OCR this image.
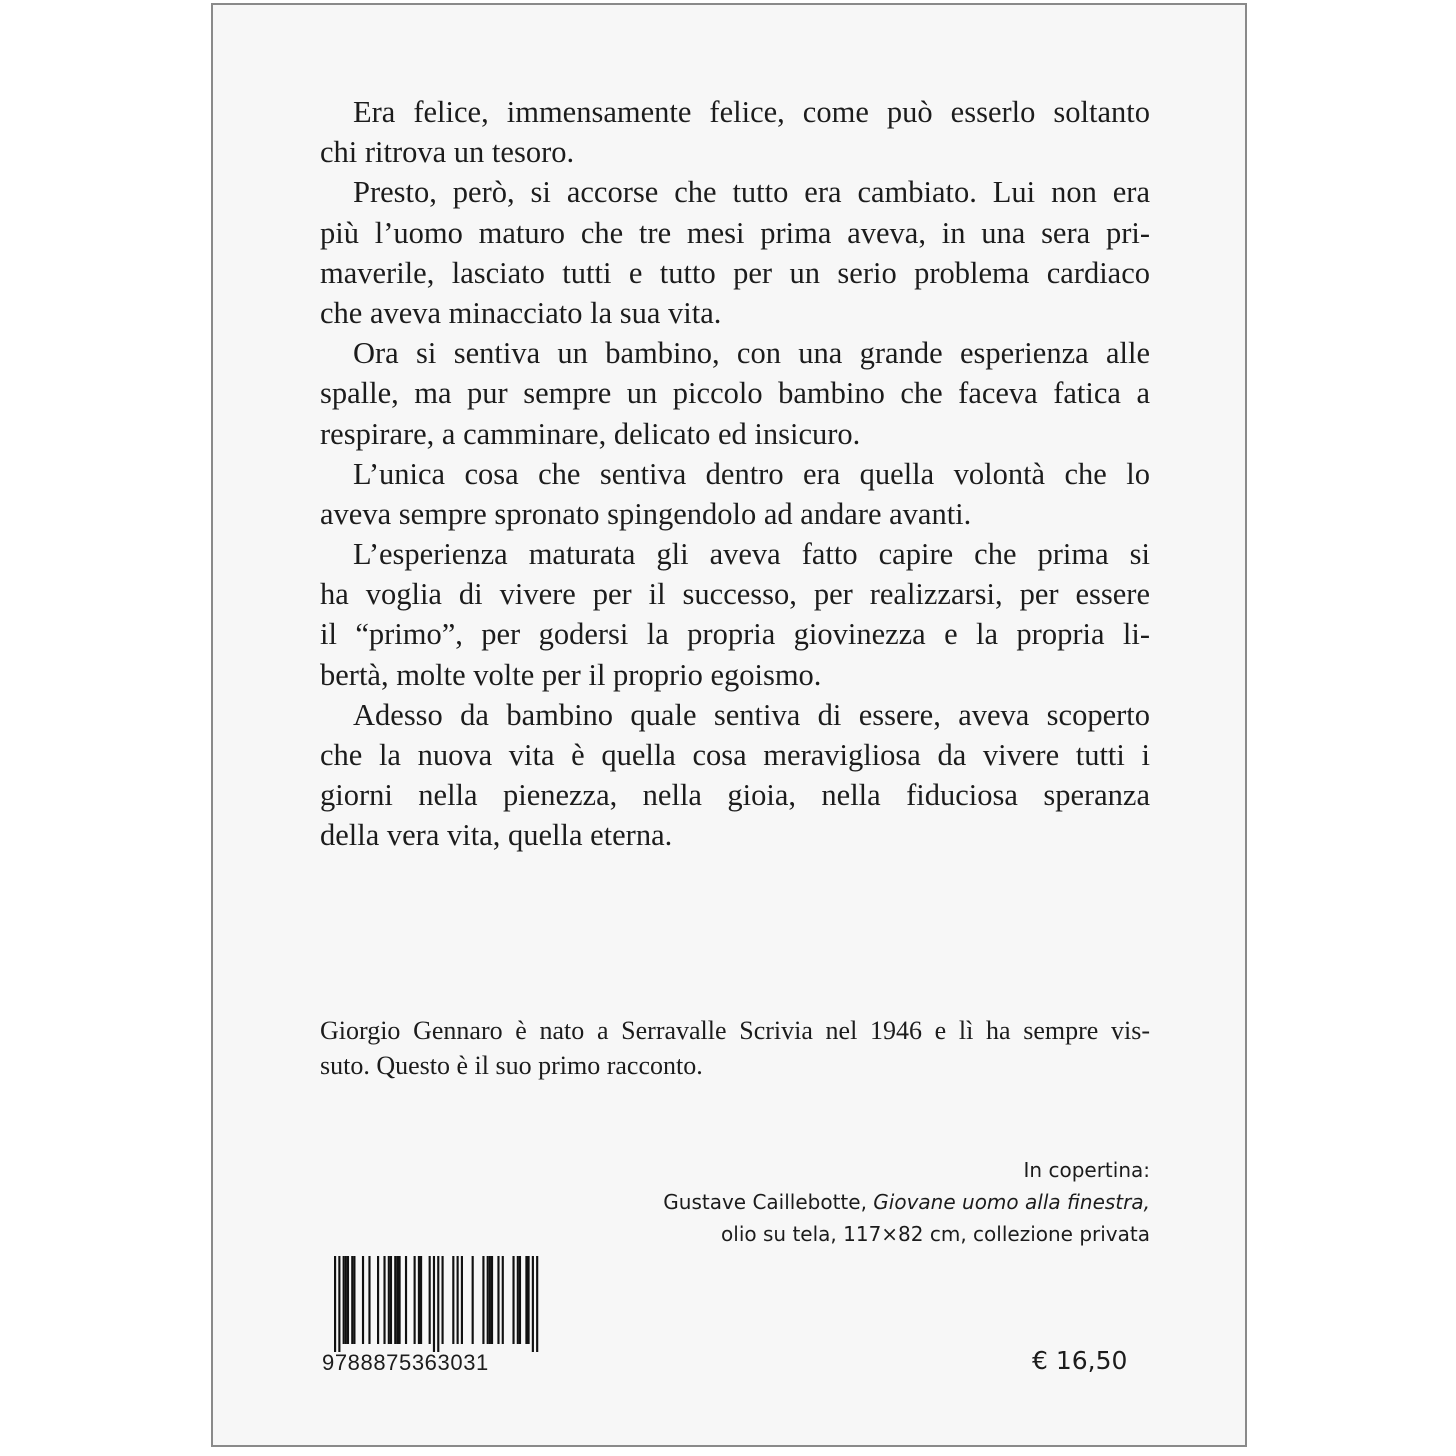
Era felice, immensamente felice, come può esserlo soltanto
chi ritrova un tesoro.
Presto, però, si accorse che tutto era cambiato. Lui non era
più l’uomo maturo che tre mesi prima aveva, in una sera pri-
maverile, lasciato tutti e tutto per un serio problema cardiaco
che aveva minacciato la sua vita.
Ora si sentiva un bambino, con una grande esperienza alle
spalle, ma pur sempre un piccolo bambino che faceva fatica a
respirare, a camminare, delicato ed insicuro.
L’unica cosa che sentiva dentro era quella volontà che lo
aveva sempre spronato spingendolo ad andare avanti.
L’esperienza maturata gli aveva fatto capire che prima si
ha voglia di vivere per il successo, per realizzarsi, per essere
il “primo”, per godersi la propria giovinezza e la propria li-
bertà, molte volte per il proprio egoismo.
Adesso da bambino quale sentiva di essere, aveva scoperto
che la nuova vita è quella cosa meravigliosa da vivere tutti i
giorni nella pienezza, nella gioia, nella fiduciosa speranza
della vera vita, quella eterna.
Giorgio Gennaro è nato a Serravalle Scrivia nel 1946 e lì ha sempre vis-
suto. Questo è il suo primo racconto.
In copertina:
Gustave Caillebotte, Giovane uomo alla finestra,
olio su tela, 117×82 cm, collezione privata
9788875363031	€ 16,50
